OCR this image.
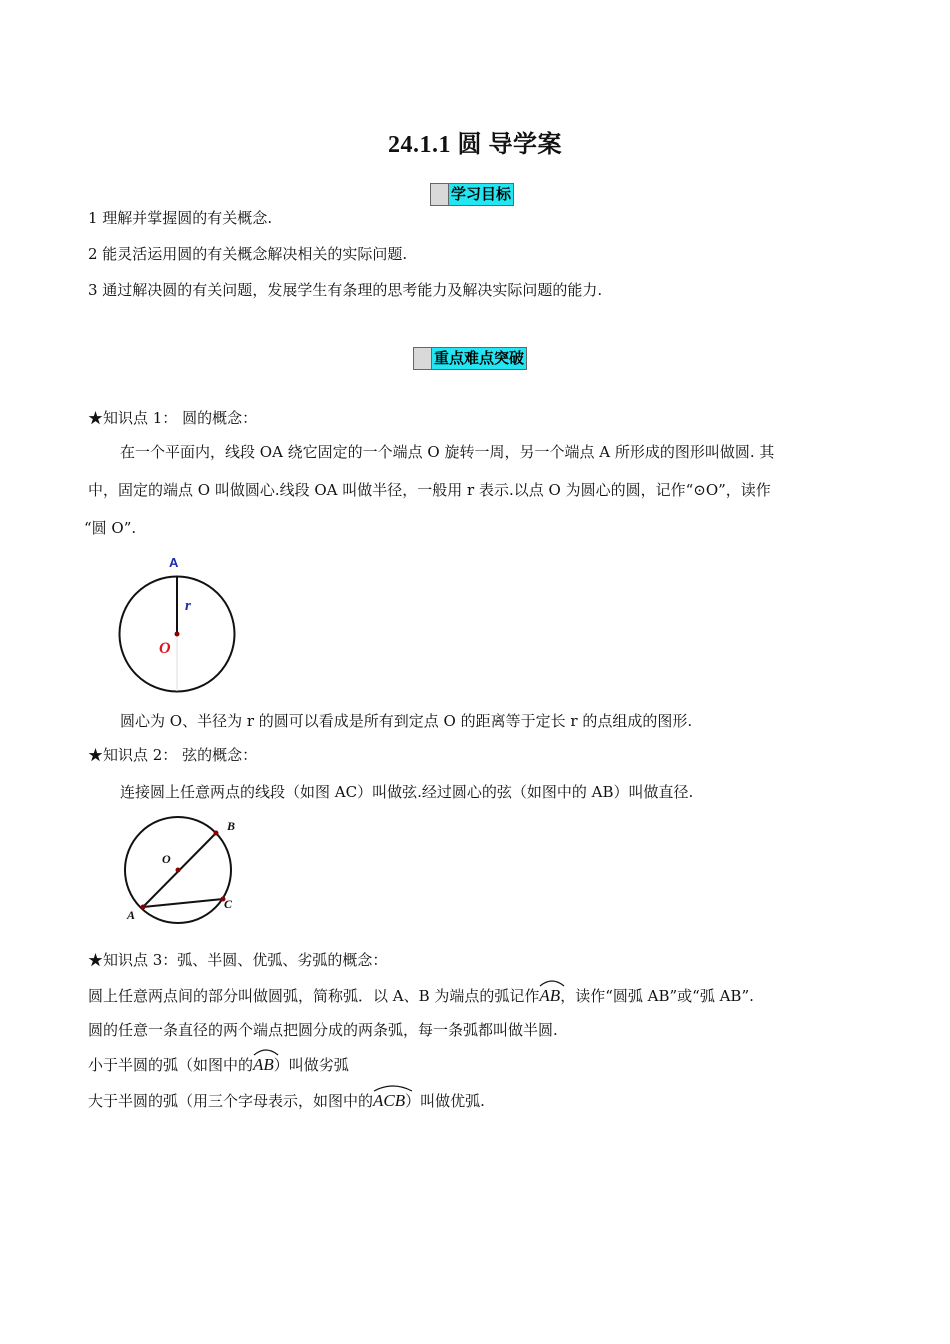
24.1.1 圆 导学案
学习目标
1 理解并掌握圆的有关概念.
2 能灵活运用圆的有关概念解决相关的实际问题.
3 通过解决圆的有关问题，发展学生有条理的思考能力及解决实际问题的能力.
重点难点突破
★知识点 1： 圆的概念：
在一个平面内，线段 OA 绕它固定的一个端点 O 旋转一周，另一个端点 A 所形成的图形叫做圆. 其
中，固定的端点 O 叫做圆心.线段 OA 叫做半径，一般用 r 表示.以点 O 为圆心的圆，记作“⊙O”，读作
“圆 O”.
A
r
O
圆心为 O、半径为 r 的圆可以看成是所有到定点 O 的距离等于定长 r 的点组成的图形.
★知识点 2： 弦的概念：
连接圆上任意两点的线段（如图 AC）叫做弦.经过圆心的弦（如图中的 AB）叫做直径.
A
B
C
O
★知识点 3：弧、半圆、优弧、劣弧的概念：
圆上任意两点间的部分叫做圆弧，简称弧．以 A、B 为端点的弧记作
AB，读作“圆弧 AB”或“弧 AB”.
圆的任意一条直径的两个端点把圆分成的两条弧，每一条弧都叫做半圆.
小于半圆的弧（如图中的
AB）叫做劣弧
大于半圆的弧（用三个字母表示，如图中的
ACB）叫做优弧.
